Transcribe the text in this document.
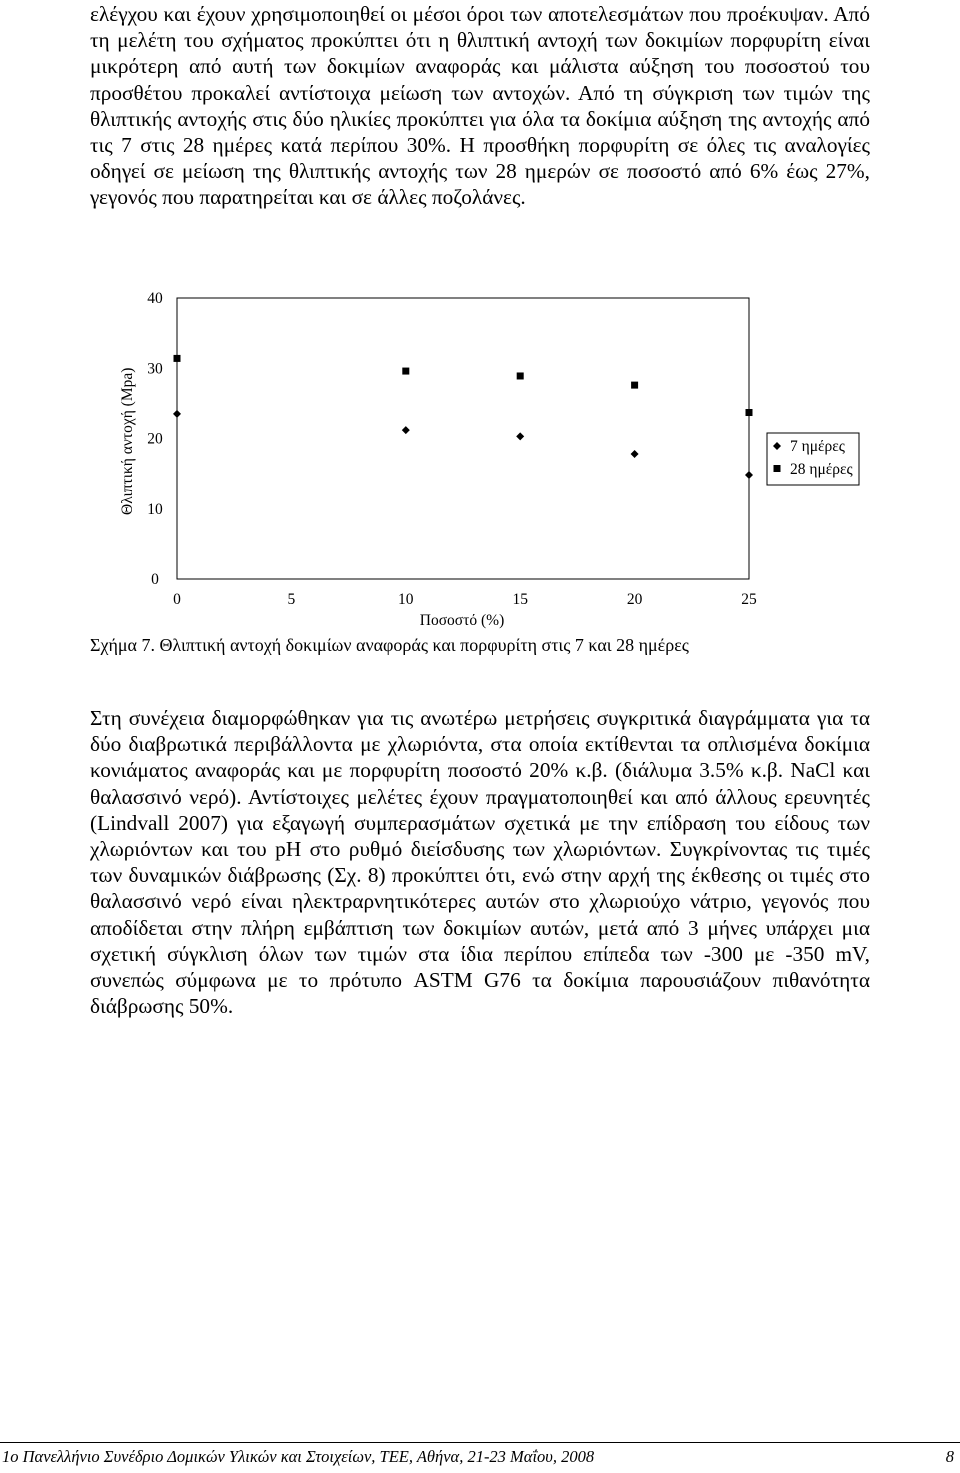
ελέγχου και έχουν χρησιμοποιηθεί οι μέσοι όροι των αποτελεσμάτων που προέκυψαν. Από τη μελέτη του σχήματος προκύπτει ότι η θλιπτική αντοχή των δοκιμίων πορφυρίτη είναι μικρότερη από αυτή των δοκιμίων αναφοράς και μάλιστα αύξηση του ποσοστού του προσθέτου προκαλεί αντίστοιχα μείωση των αντοχών. Από τη σύγκριση των τιμών της θλιπτικής αντοχής στις δύο ηλικίες προκύπτει για όλα τα δοκίμια αύξηση της αντοχής από τις 7 στις 28 ημέρες κατά περίπου 30%. Η προσθήκη πορφυρίτη σε όλες τις αναλογίες οδηγεί σε μείωση της θλιπτικής αντοχής των 28 ημερών σε ποσοστό από 6% έως 27%, γεγονός που παρατηρείται και σε άλλες ποζολάνες.

0
10
20
30
40
0	5	10	15	20	25
Θλιπτική αντοχή (Mpa)
Ποσοστό (%)
7 ημέρες
28 ημέρες
Σχήμα 7. Θλιπτική αντοχή δοκιμίων αναφοράς και πορφυρίτη στις 7 και 28 ημέρες

Στη συνέχεια διαμορφώθηκαν για τις ανωτέρω μετρήσεις συγκριτικά διαγράμματα για τα δύο διαβρωτικά περιβάλλοντα με χλωριόντα, στα οποία εκτίθενται τα οπλισμένα δοκίμια κονιάματος αναφοράς και με πορφυρίτη ποσοστό 20% κ.β. (διάλυμα 3.5% κ.β. NaCl και θαλασσινό νερό). Αντίστοιχες μελέτες έχουν πραγματοποιηθεί και από άλλους ερευνητές (Lindvall 2007) για εξαγωγή συμπερασμάτων σχετικά με την επίδραση του είδους των χλωριόντων και του pH στο ρυθμό διείσδυσης των χλωριόντων. Συγκρίνοντας τις τιμές των δυναμικών διάβρωσης (Σχ. 8) προκύπτει ότι, ενώ στην αρχή της έκθεσης οι τιμές στο θαλασσινό νερό είναι ηλεκτραρνητικότερες αυτών στο χλωριούχο νάτριο, γεγονός που αποδίδεται στην πλήρη εμβάπτιση των δοκιμίων αυτών, μετά από 3 μήνες υπάρχει μια σχετική σύγκλιση όλων των τιμών στα ίδια περίπου επίπεδα των -300 με -350 mV, συνεπώς σύμφωνα με το πρότυπο ASTM G76 τα δοκίμια παρουσιάζουν πιθανότητα διάβρωσης 50%.

1ο Πανελλήνιο Συνέδριο Δομικών Υλικών και Στοιχείων, ΤΕΕ, Αθήνα, 21-23 Μαΐου, 2008	8
